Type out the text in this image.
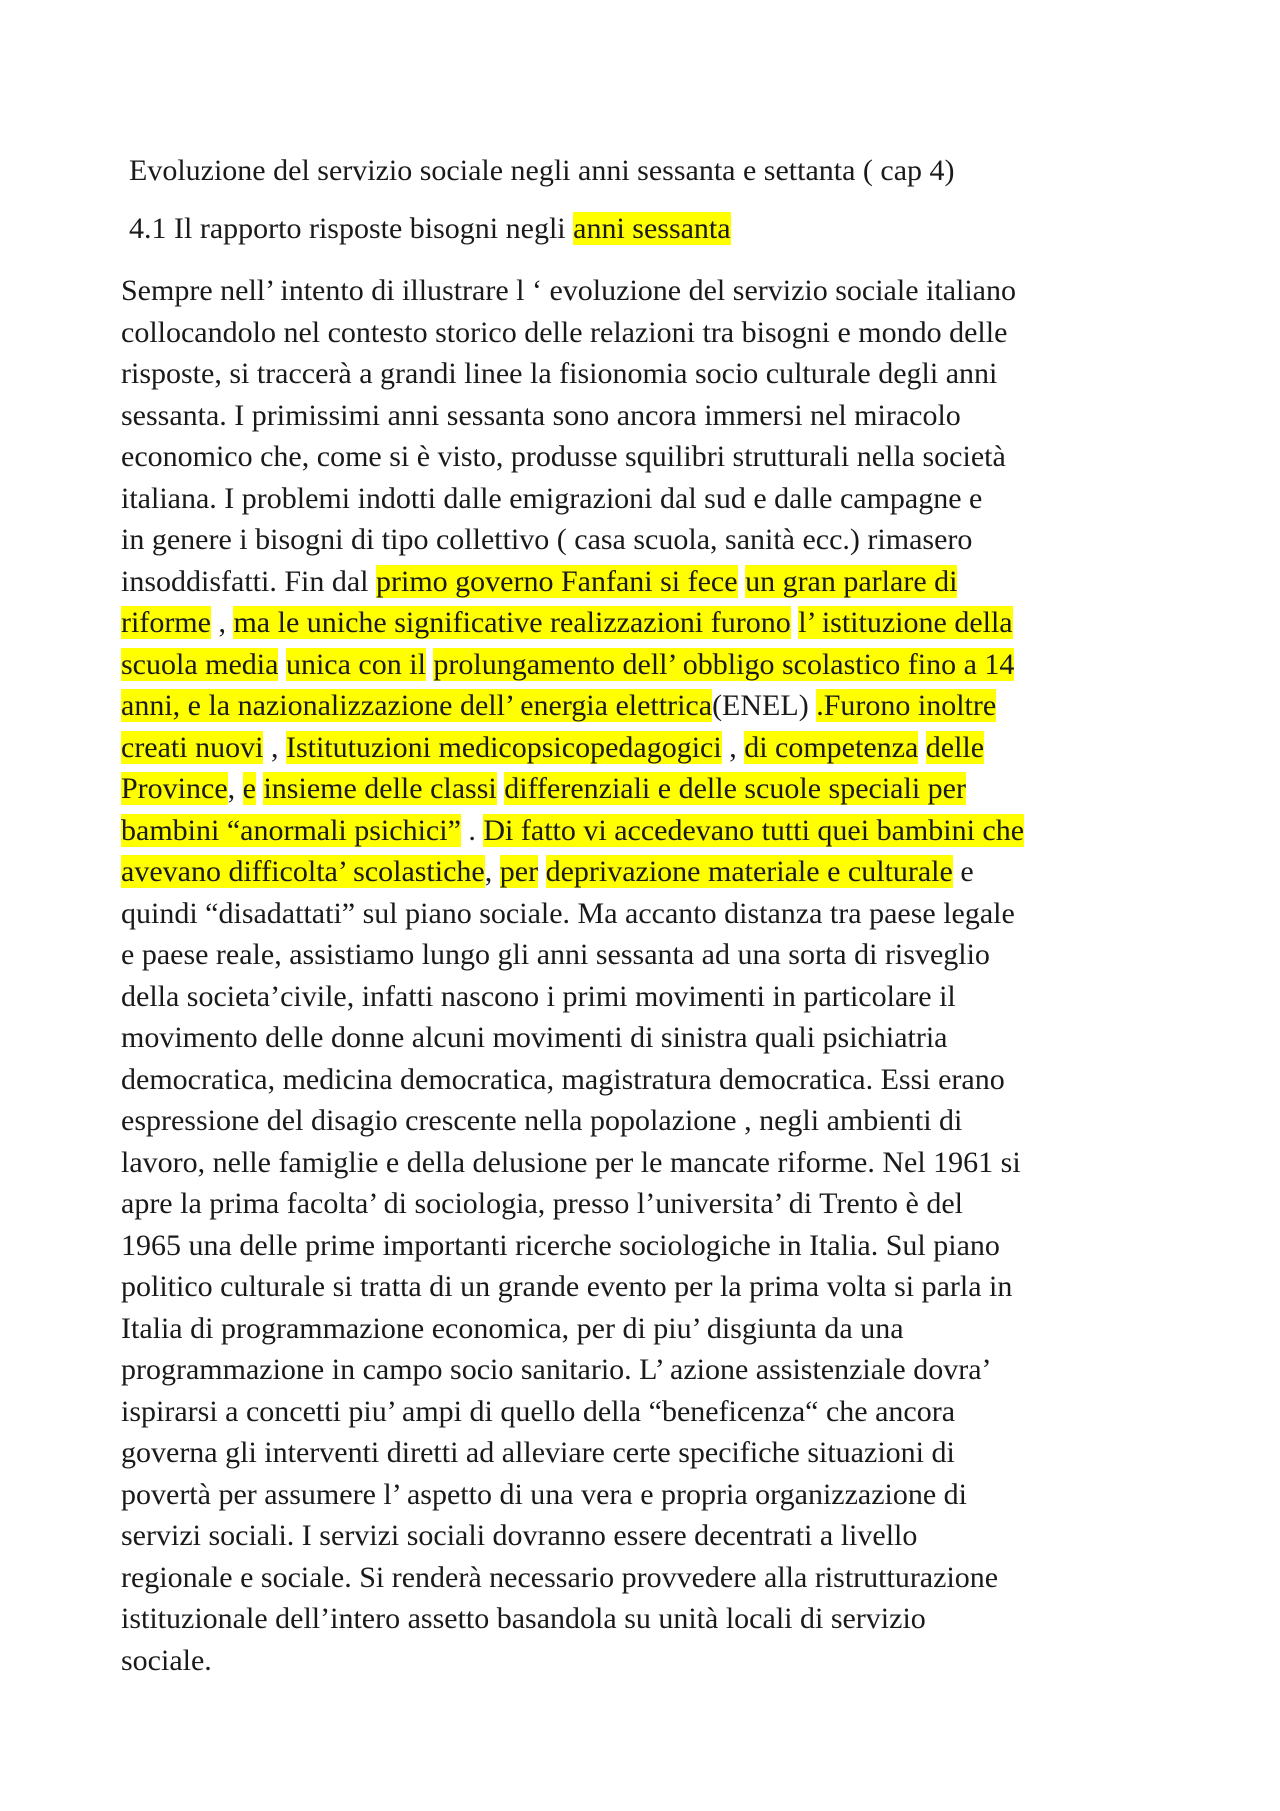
Evoluzione del servizio sociale negli anni sessanta e settanta ( cap 4)
4.1 Il rapporto risposte bisogni negli anni sessanta
Sempre nell’ intento di illustrare l ‘ evoluzione del servizio sociale italiano
collocandolo nel contesto storico delle relazioni tra bisogni e mondo delle
risposte, si traccerà a grandi linee la fisionomia socio culturale degli anni
sessanta. I primissimi anni sessanta sono ancora immersi nel miracolo
economico che, come si è visto, produsse squilibri strutturali nella società
italiana. I problemi indotti dalle emigrazioni dal sud e dalle campagne e
in genere i bisogni di tipo collettivo ( casa scuola, sanità ecc.) rimasero
insoddisfatti. Fin dal primo governo Fanfani si fece un gran parlare di
riforme , ma le uniche significative realizzazioni furono l’ istituzione della
scuola media unica con il prolungamento dell’ obbligo scolastico fino a 14
anni, e la nazionalizzazione dell’ energia elettrica(ENEL) .Furono inoltre
creati nuovi , Istitutuzioni medicopsicopedagogici , di competenza delle
Province, e insieme delle classi differenziali e delle scuole speciali per
bambini “anormali psichici” . Di fatto vi accedevano tutti quei bambini che
avevano difficolta’ scolastiche, per deprivazione materiale e culturale e
quindi “disadattati” sul piano sociale. Ma accanto distanza tra paese legale
e paese reale, assistiamo lungo gli anni sessanta ad una sorta di risveglio
della societa’civile, infatti nascono i primi movimenti in particolare il
movimento delle donne alcuni movimenti di sinistra quali psichiatria
democratica, medicina democratica, magistratura democratica. Essi erano
espressione del disagio crescente nella popolazione , negli ambienti di
lavoro, nelle famiglie e della delusione per le mancate riforme. Nel 1961 si
apre la prima facolta’ di sociologia, presso l’universita’ di Trento è del
1965 una delle prime importanti ricerche sociologiche in Italia. Sul piano
politico culturale si tratta di un grande evento per la prima volta si parla in
Italia di programmazione economica, per di piu’ disgiunta da una
programmazione in campo socio sanitario. L’ azione assistenziale dovra’
ispirarsi a concetti piu’ ampi di quello della “beneficenza“ che ancora
governa gli interventi diretti ad alleviare certe specifiche situazioni di
povertà per assumere l’ aspetto di una vera e propria organizzazione di
servizi sociali. I servizi sociali dovranno essere decentrati a livello
regionale e sociale. Si renderà necessario provvedere alla ristrutturazione
istituzionale dell’intero assetto basandola su unità locali di servizio
sociale.
